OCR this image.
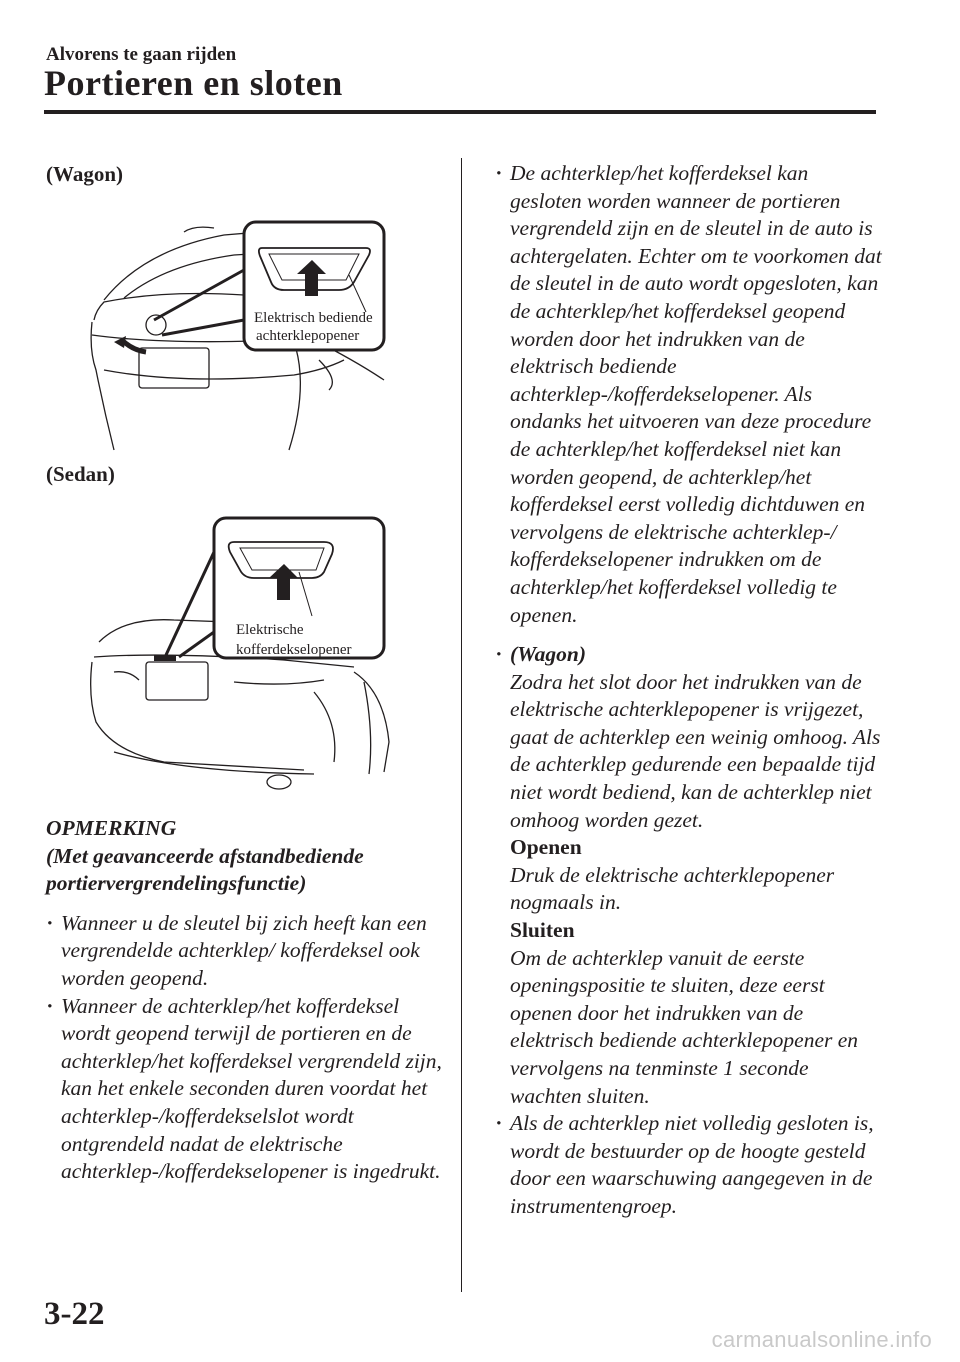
Alvorens te gaan rijden
Portieren en sloten
(Wagon)
Elektrisch bediende
achterklepopener
(Sedan)
Elektrische
kofferdekselopener
OPMERKING
(Met geavanceerde afstandbediende
portiervergrendelingsfunctie)
· Wanneer u de sleutel bij zich heeft kan een vergrendelde achterklep/ kofferdeksel ook worden geopend.
· Wanneer de achterklep/het kofferdeksel wordt geopend terwijl de portieren en de achterklep/het kofferdeksel vergrendeld zijn, kan het enkele seconden duren voordat het achterklep-/kofferdekselslot wordt ontgrendeld nadat de elektrische achterklep-/kofferdekselopener is ingedrukt.
· De achterklep/het kofferdeksel kan gesloten worden wanneer de portieren vergrendeld zijn en de sleutel in de auto is achtergelaten. Echter om te voorkomen dat de sleutel in de auto wordt opgesloten, kan de achterklep/het kofferdeksel geopend worden door het indrukken van de elektrisch bediende achterklep-/kofferdekselopener. Als ondanks het uitvoeren van deze procedure de achterklep/het kofferdeksel niet kan worden geopend, de achterklep/het kofferdeksel eerst volledig dichtduwen en vervolgens de elektrische achterklep-/ kofferdekselopener indrukken om de achterklep/het kofferdeksel volledig te openen.
· (Wagon)
Zodra het slot door het indrukken van de elektrische achterklepopener is vrijgezet, gaat de achterklep een weinig omhoog. Als de achterklep gedurende een bepaalde tijd niet wordt bediend, kan de achterklep niet omhoog worden gezet.
Openen
Druk de elektrische achterklepopener nogmaals in.
Sluiten
Om de achterklep vanuit de eerste openingspositie te sluiten, deze eerst openen door het indrukken van de elektrisch bediende achterklepopener en vervolgens na tenminste 1 seconde wachten sluiten.
· Als de achterklep niet volledig gesloten is, wordt de bestuurder op de hoogte gesteld door een waarschuwing aangegeven in de instrumentengroep.
3-22
carmanualsonline.info
